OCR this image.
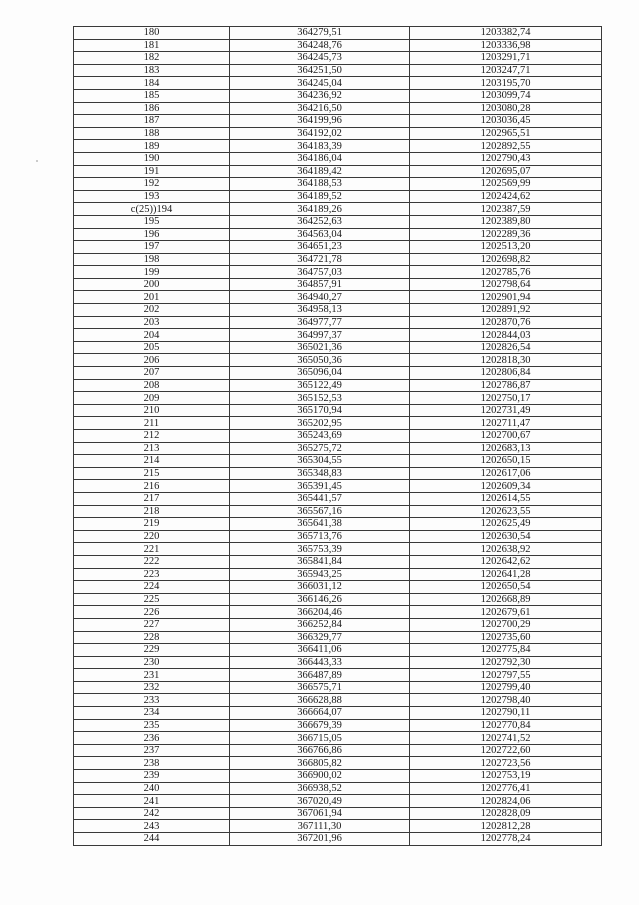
180	364279,51	1203382,74
181	364248,76	1203336,98
182	364245,73	1203291,71
183	364251,50	1203247,71
184	364245,04	1203195,70
185	364236,92	1203099,74
186	364216,50	1203080,28
187	364199,96	1203036,45
188	364192,02	1202965,51
189	364183,39	1202892,55
190	364186,04	1202790,43
191	364189,42	1202695,07
192	364188,53	1202569,99
193	364189,52	1202424,62
с(25))194	364189,26	1202387,59
195	364252,63	1202389,80
196	364563,04	1202289,36
197	364651,23	1202513,20
198	364721,78	1202698,82
199	364757,03	1202785,76
200	364857,91	1202798,64
201	364940,27	1202901,94
202	364958,13	1202891,92
203	364977,77	1202870,76
204	364997,37	1202844,03
205	365021,36	1202826,54
206	365050,36	1202818,30
207	365096,04	1202806,84
208	365122,49	1202786,87
209	365152,53	1202750,17
210	365170,94	1202731,49
211	365202,95	1202711,47
212	365243,69	1202700,67
213	365275,72	1202683,13
214	365304,55	1202650,15
215	365348,83	1202617,06
216	365391,45	1202609,34
217	365441,57	1202614,55
218	365567,16	1202623,55
219	365641,38	1202625,49
220	365713,76	1202630,54
221	365753,39	1202638,92
222	365841,84	1202642,62
223	365943,25	1202641,28
224	366031,12	1202650,54
225	366146,26	1202668,89
226	366204,46	1202679,61
227	366252,84	1202700,29
228	366329,77	1202735,60
229	366411,06	1202775,84
230	366443,33	1202792,30
231	366487,89	1202797,55
232	366575,71	1202799,40
233	366628,88	1202798,40
234	366664,07	1202790,11
235	366679,39	1202770,84
236	366715,05	1202741,52
237	366766,86	1202722,60
238	366805,82	1202723,56
239	366900,02	1202753,19
240	366938,52	1202776,41
241	367020,49	1202824,06
242	367061,94	1202828,09
243	367111,30	1202812,28
244	367201,96	1202778,24
